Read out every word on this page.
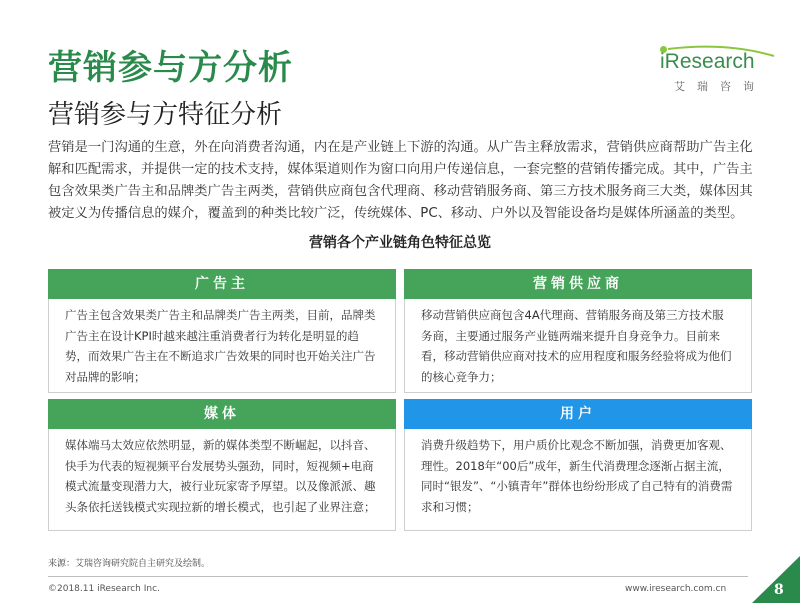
营销参与方分析
营销参与方特征分析
iResearch
艾瑞咨询
营销是一门沟通的生意，外在向消费者沟通，内在是产业链上下游的沟通。从广告主释放需求，营销供应商帮助广告主化解和匹配需求，并提供一定的技术支持，媒体渠道则作为窗口向用户传递信息，一套完整的营销传播完成。其中，广告主包含效果类广告主和品牌类广告主两类，营销供应商包含代理商、移动营销服务商、第三方技术服务商三大类，媒体因其被定义为传播信息的媒介，覆盖到的种类比较广泛，传统媒体、PC、移动、户外以及智能设备均是媒体所涵盖的类型。
营销各个产业链角色特征总览
广告主
广告主包含效果类广告主和品牌类广告主两类，目前，品牌类广告主在设计KPI时越来越注重消费者行为转化是明显的趋势，而效果广告主在不断追求广告效果的同时也开始关注广告对品牌的影响；
营销供应商
移动营销供应商包含4A代理商、营销服务商及第三方技术服务商，主要通过服务产业链两端来提升自身竞争力。目前来看，移动营销供应商对技术的应用程度和服务经验将成为他们的核心竞争力；
媒体
媒体端马太效应依然明显，新的媒体类型不断崛起，以抖音、快手为代表的短视频平台发展势头强劲，同时，短视频+电商模式流量变现潜力大，被行业玩家寄予厚望。以及像派派、趣头条依托送钱模式实现拉新的增长模式，也引起了业界注意；
用户
消费升级趋势下，用户质价比观念不断加强，消费更加客观、理性。2018年“00后”成年，新生代消费理念逐渐占据主流，同时“银发”、“小镇青年”群体也纷纷形成了自己特有的消费需求和习惯；
来源：艾瑞咨询研究院自主研究及绘制。
©2018.11 iResearch Inc.	www.iresearch.com.cn	8
